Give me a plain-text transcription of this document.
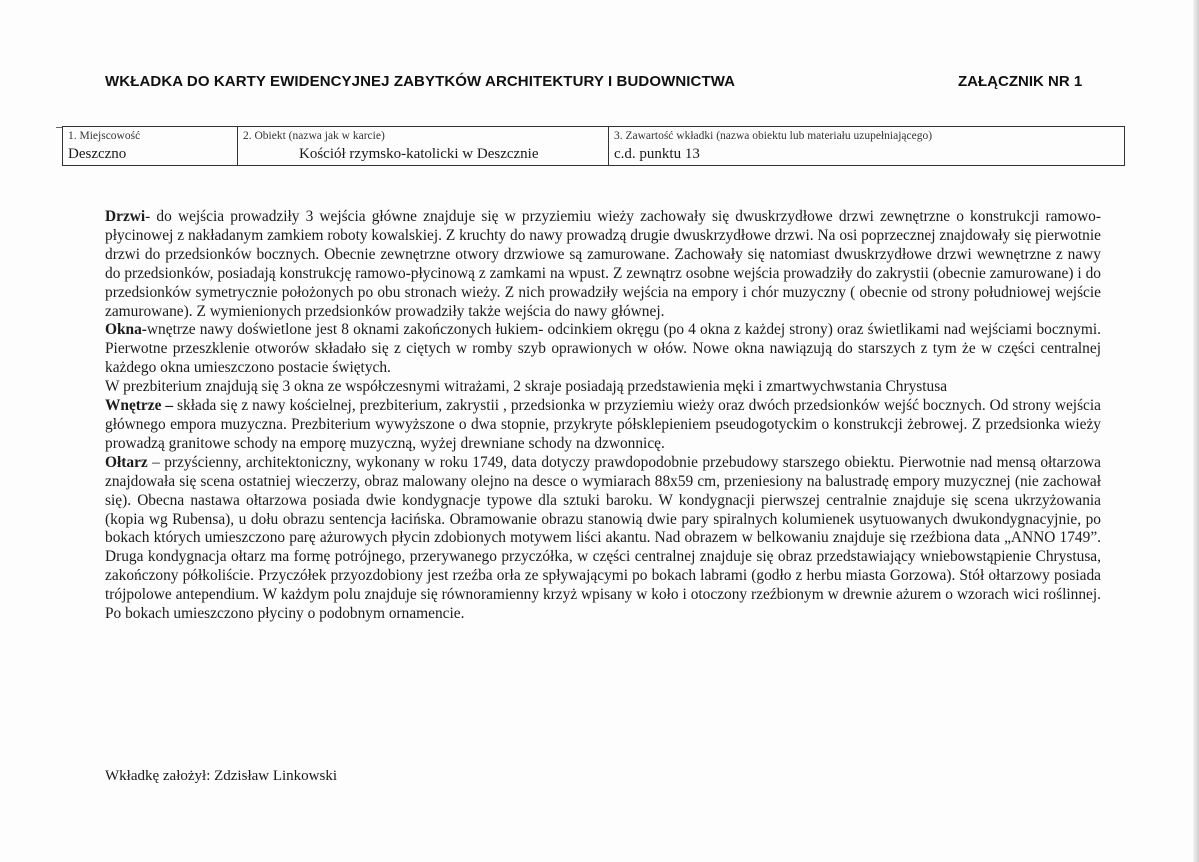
WKŁADKA DO KARTY EWIDENCYJNEJ ZABYTKÓW ARCHITEKTURY I BUDOWNICTWA	ZAŁĄCZNIK NR 1
1. Miejscowość
Deszczno
2. Obiekt (nazwa jak w karcie)
Kościół rzymsko-katolicki w Deszcznie
3. Zawartość wkładki (nazwa obiektu lub materiału uzupełniającego)
c.d. punktu 13

Drzwi- do wejścia prowadziły 3 wejścia główne znajduje się w przyziemiu wieży zachowały się dwuskrzydłowe drzwi zewnętrzne o konstrukcji ramowo-płycinowej z nakładanym zamkiem roboty kowalskiej. Z kruchty do nawy prowadzą drugie dwuskrzydłowe drzwi. Na osi poprzecznej znajdowały się pierwotnie drzwi do przedsionków bocznych. Obecnie zewnętrzne otwory drzwiowe są zamurowane. Zachowały się natomiast dwuskrzydłowe drzwi wewnętrzne z nawy do przedsionków, posiadają konstrukcję ramowo-płycinową z zamkami na wpust. Z zewnątrz osobne wejścia prowadziły do zakrystii (obecnie zamurowane) i do przedsionków symetrycznie położonych po obu stronach wieży. Z nich prowadziły wejścia na empory i chór muzyczny ( obecnie od strony południowej wejście zamurowane). Z wymienionych przedsionków prowadziły także wejścia do nawy głównej.

Okna-wnętrze nawy doświetlone jest 8 oknami zakończonych łukiem- odcinkiem okręgu (po 4 okna z każdej strony) oraz świetlikami nad wejściami bocznymi. Pierwotne przeszklenie otworów składało się z ciętych w romby szyb oprawionych w ołów. Nowe okna nawiązują do starszych z tym że w części centralnej każdego okna umieszczono postacie świętych.

W prezbiterium znajdują się 3 okna ze współczesnymi witrażami, 2 skraje posiadają przedstawienia męki i zmartwychwstania Chrystusa

Wnętrze – składa się z nawy kościelnej, prezbiterium, zakrystii , przedsionka w przyziemiu wieży oraz dwóch przedsionków wejść bocznych. Od strony wejścia głównego empora muzyczna. Prezbiterium wywyższone o dwa stopnie, przykryte półsklepieniem pseudogotyckim o konstrukcji żebrowej. Z przedsionka wieży prowadzą granitowe schody na emporę muzyczną, wyżej drewniane schody na dzwonnicę.

Ołtarz – przyścienny, architektoniczny, wykonany w roku 1749, data dotyczy prawdopodobnie przebudowy starszego obiektu. Pierwotnie nad mensą ołtarzowa znajdowała się scena ostatniej wieczerzy, obraz malowany olejno na desce o wymiarach 88x59 cm, przeniesiony na balustradę empory muzycznej (nie zachował się). Obecna nastawa ołtarzowa posiada dwie kondygnacje typowe dla sztuki baroku. W kondygnacji pierwszej centralnie znajduje się scena ukrzyżowania (kopia wg Rubensa), u dołu obrazu sentencja łacińska. Obramowanie obrazu stanowią dwie pary spiralnych kolumienek usytuowanych dwukondygnacyjnie, po bokach których umieszczono parę ażurowych płycin zdobionych motywem liści akantu. Nad obrazem w belkowaniu znajduje się rzeźbiona data „ANNO 1749”. Druga kondygnacja ołtarz ma formę potrójnego, przerywanego przyczółka, w części centralnej znajduje się obraz przedstawiający wniebowstąpienie Chrystusa, zakończony półkoliście. Przyczółek przyozdobiony jest rzeźba orła ze spływającymi po bokach labrami (godło z herbu miasta Gorzowa). Stół ołtarzowy posiada trójpolowe antependium. W każdym polu znajduje się równoramienny krzyż wpisany w koło i otoczony rzeźbionym w drewnie ażurem o wzorach wici roślinnej. Po bokach umieszczono płyciny o podobnym ornamencie.

Wkładkę założył: Zdzisław Linkowski
